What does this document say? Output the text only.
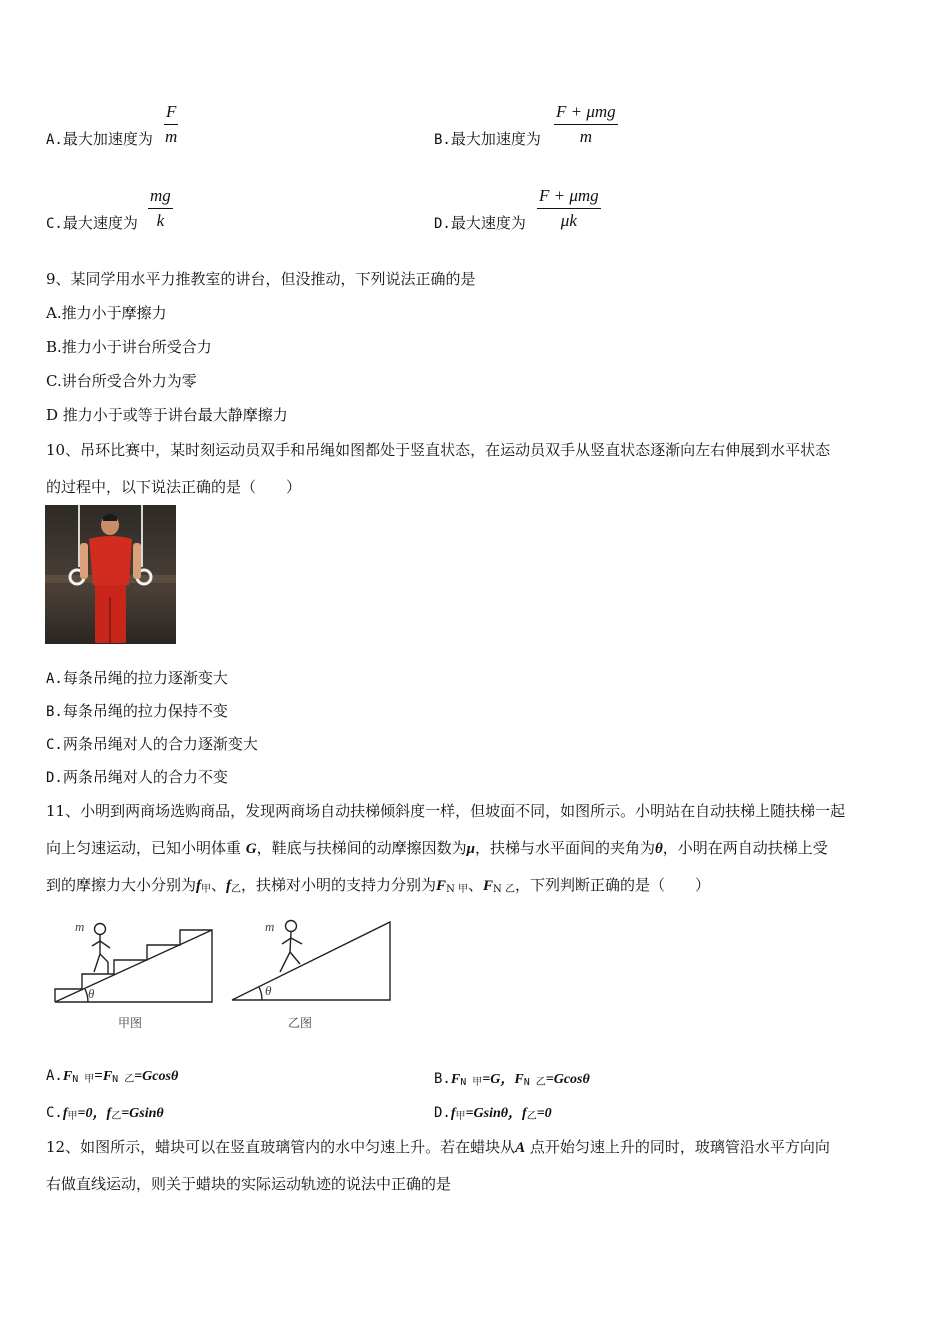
A.最大加速度为 $\frac{F}{m}$	B.最大加速度为
F + μmg
m
C.最大速度为 $\frac{mg}{k}$	D.最大速度为
F + μmg
μk
9、某同学用水平力推教室的讲台，但没推动，下列说法正确的是
A.推力小于摩擦力
B.推力小于讲台所受合力
C.讲台所受合外力为零
D 推力小于或等于讲台最大静摩擦力
10、吊环比赛中，某时刻运动员双手和吊绳如图都处于竖直状态，在运动员双手从竖直状态逐渐向左右伸展到水平状态
的过程中，以下说法正确的是（　　）
A.每条吊绳的拉力逐渐变大
B.每条吊绳的拉力保持不变
C.两条吊绳对人的合力逐渐变大
D.两条吊绳对人的合力不变
11、小明到两商场选购商品，发现两商场自动扶梯倾斜度一样，但坡面不同，如图所示。小明站在自动扶梯上随扶梯一起
向上匀速运动，已知小明体重 G，鞋底与扶梯间的动摩擦因数为μ，扶梯与水平面间的夹角为θ，小明在两自动扶梯上受
到的摩擦力大小分别为$f_甲$、$f_乙$，扶梯对小明的支持力分别为$F_{N 甲}$、$F_{N 乙}$，下列判断正确的是（　　）
m
θ
甲图
m
θ
乙图
$A.F_{N 甲}=F_{N 乙}=Gcos\theta$	$B.F_{N 甲}=G$，$F_{N 乙}=Gcos\theta$
$C.f_甲=0$，$f_乙=Gsin\theta$	$D.f_甲=Gsin\theta$，$f_乙=0$
12、如图所示，蜡块可以在竖直玻璃管内的水中匀速上升。若在蜡块从A 点开始匀速上升的同时，玻璃管沿水平方向向
右做直线运动，则关于蜡块的实际运动轨迹的说法中正确的是
